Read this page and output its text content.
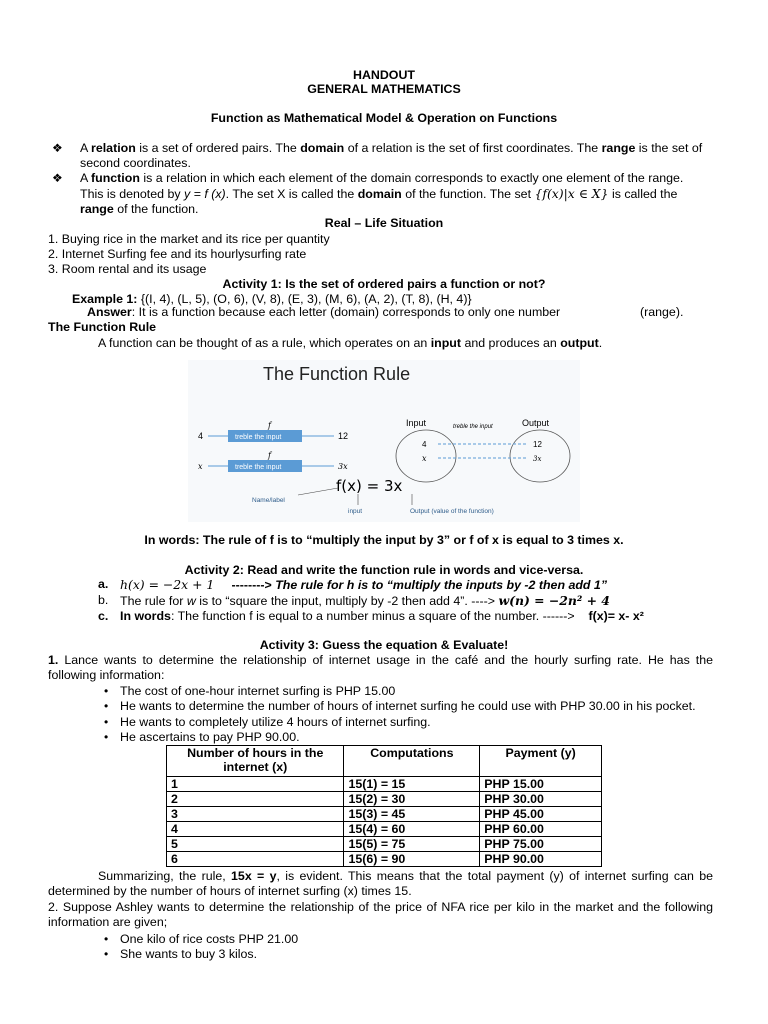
HANDOUT
GENERAL MATHEMATICS
Function as Mathematical Model & Operation on Functions
❖ A relation is a set of ordered pairs. The domain of a relation is the set of first coordinates. The range is the set of
second coordinates.
❖ A function is a relation in which each element of the domain corresponds to exactly one element of the range.
This is denoted by y = f (x). The set X is called the domain of the function. The set {f(x)|x ∈ X} is called the
range of the function.
Real – Life Situation
1. Buying rice in the market and its rice per quantity
2. Internet Surfing fee and its hourlysurfing rate
3. Room rental and its usage
Activity 1: Is the set of ordered pairs a function or not?
Example 1: {(I, 4), (L, 5), (O, 6), (V, 8), (E, 3), (M, 6), (A, 2), (T, 8), (H, 4)}
Answer: It is a function because each letter (domain) corresponds to only one number	(range).
The Function Rule
A function can be thought of as a rule, which operates on an input and produces an output.
The Function Rule
4
f
treble the input	12
x
f
treble the input	3x
Input	Output
treble the input
4
x
12
3x
f(x) = 3x
Name/label
input	Output (value of the function)
In words: The rule of f is to “multiply the input by 3” or f of x is equal to 3 times x.
Activity 2: Read and write the function rule in words and vice-versa.
a. h(x) = −2x + 1 --------> The rule for h is to “multiply the inputs by -2 then add 1”
b. The rule for w is to “square the input, multiply by -2 then add 4”. ----> w(n) = −2n² + 4
c. In words: The function f is equal to a number minus a square of the number. ------> f(x)= x- x²
Activity 3: Guess the equation & Evaluate!
1. Lance wants to determine the relationship of internet usage in the café and the hourly surfing rate. He has the following information:
• The cost of one-hour internet surfing is PHP 15.00
• He wants to determine the number of hours of internet surfing he could use with PHP 30.00 in his pocket.
• He wants to completely utilize 4 hours of internet surfing.
• He ascertains to pay PHP 90.00.
Number of hours in the internet (x)	Computations	Payment (y)
1	15(1) = 15	PHP 15.00
2	15(2) = 30	PHP 30.00
3	15(3) = 45	PHP 45.00
4	15(4) = 60	PHP 60.00
5	15(5) = 75	PHP 75.00
6	15(6) = 90	PHP 90.00
Summarizing, the rule, 15x = y, is evident. This means that the total payment (y) of internet surfing can be determined by the number of hours of internet surfing (x) times 15.
2. Suppose Ashley wants to determine the relationship of the price of NFA rice per kilo in the market and the following information are given;
• One kilo of rice costs PHP 21.00
• She wants to buy 3 kilos.
